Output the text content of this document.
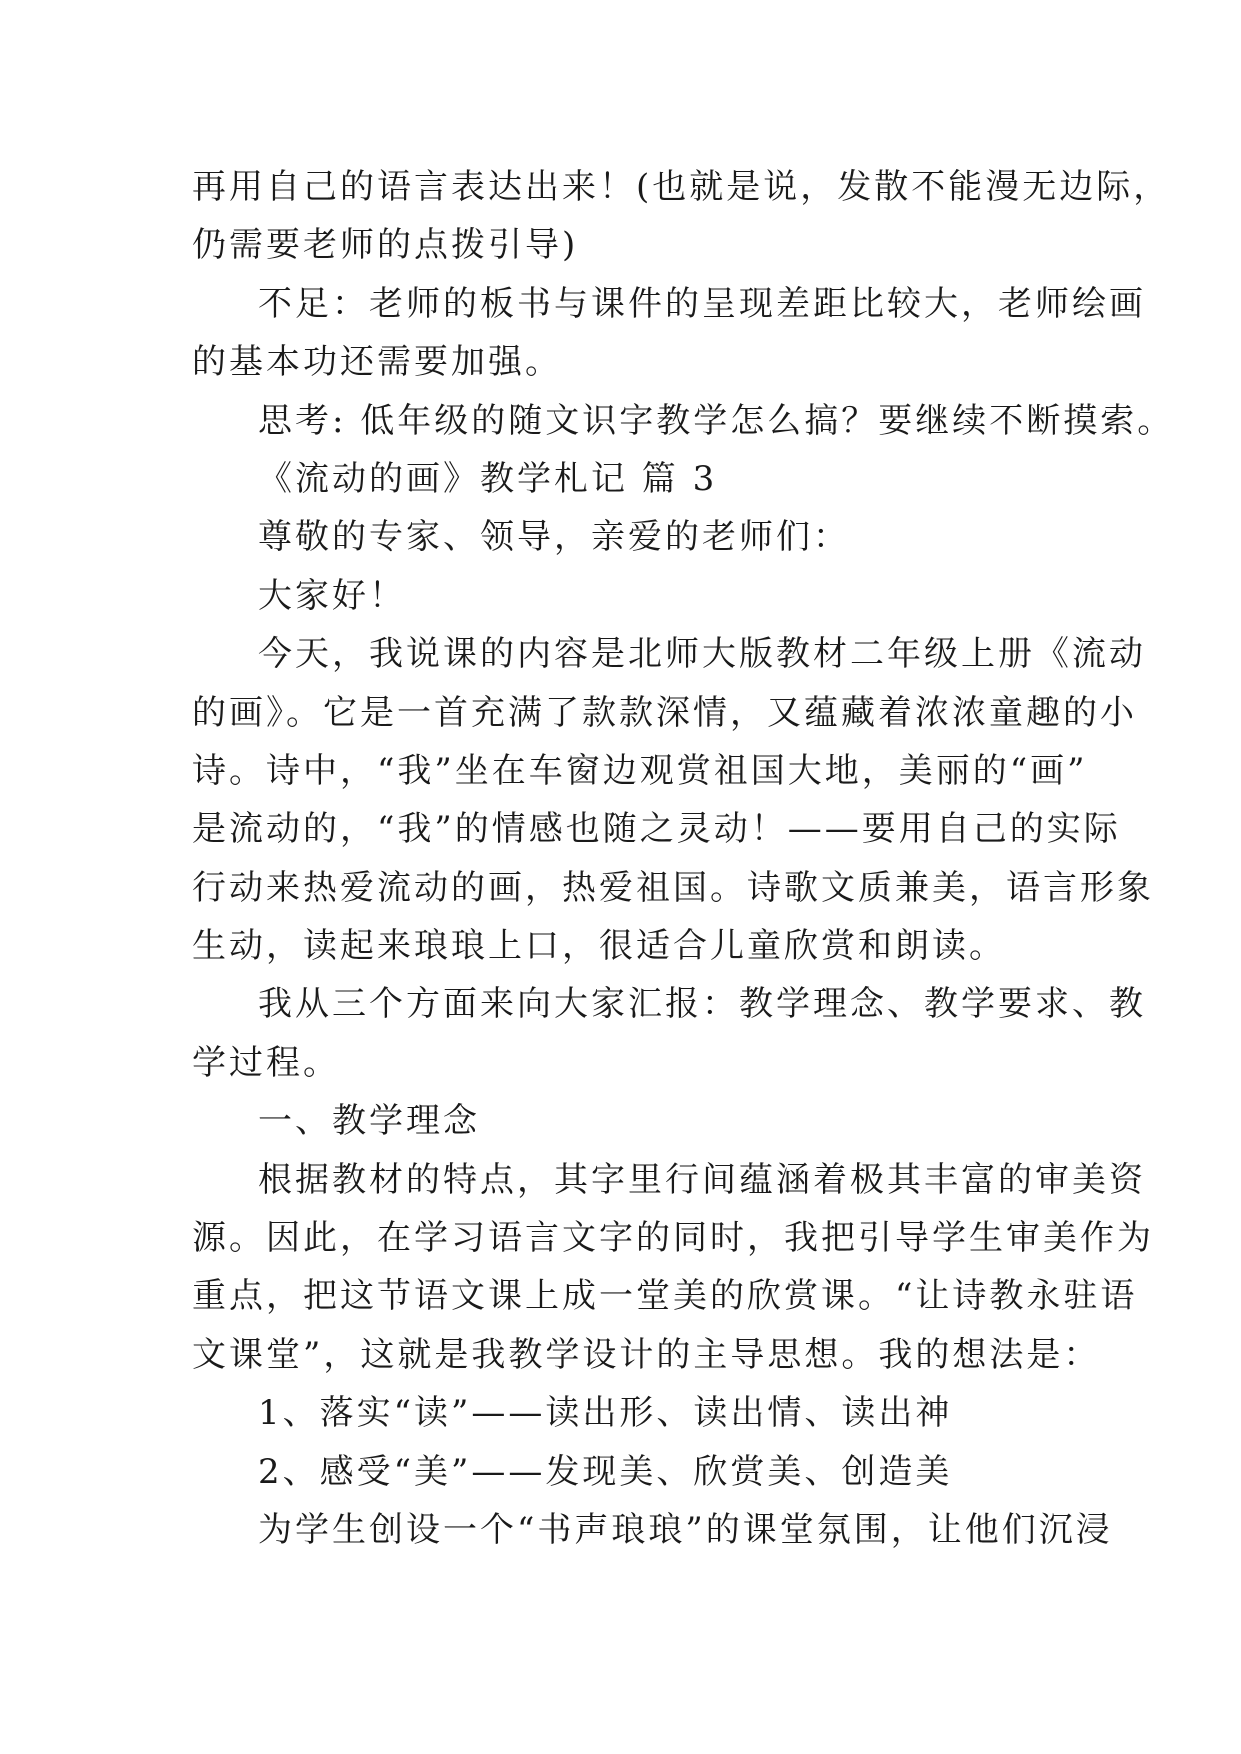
再用自己的语言表达出来！(也就是说，发散不能漫无边际，
仍需要老师的点拨引导)
不足：老师的板书与课件的呈现差距比较大，老师绘画
的基本功还需要加强。
思考: 低年级的随文识字教学怎么搞？要继续不断摸索。
《流动的画》教学札记 篇 3
尊敬的专家、领导，亲爱的老师们：
大家好！
今天，我说课的内容是北师大版教材二年级上册《流动
的画》。它是一首充满了款款深情，又蕴藏着浓浓童趣的小
诗。诗中，“我”坐在车窗边观赏祖国大地，美丽的“画”
是流动的，“我”的情感也随之灵动！——要用自己的实际
行动来热爱流动的画，热爱祖国。诗歌文质兼美，语言形象
生动，读起来琅琅上口，很适合儿童欣赏和朗读。
我从三个方面来向大家汇报：教学理念、教学要求、教
学过程。
一、教学理念
根据教材的特点，其字里行间蕴涵着极其丰富的审美资
源。因此，在学习语言文字的同时，我把引导学生审美作为
重点，把这节语文课上成一堂美的欣赏课。“让诗教永驻语
文课堂”，这就是我教学设计的主导思想。我的想法是：
1、落实“读”——读出形、读出情、读出神
2、感受“美”——发现美、欣赏美、创造美
为学生创设一个“书声琅琅”的课堂氛围，让他们沉浸
